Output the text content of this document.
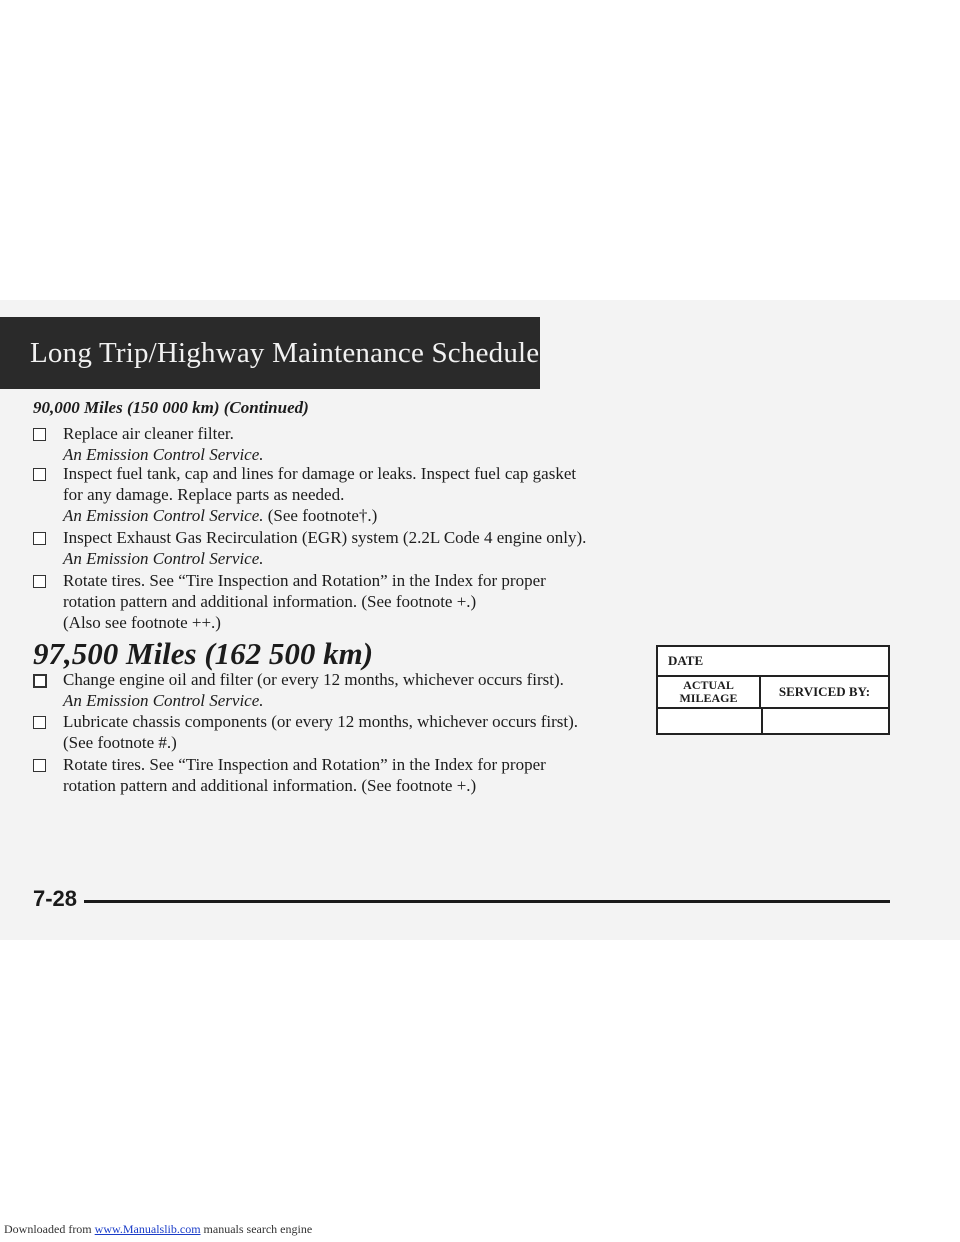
Long Trip/Highway Maintenance Schedule
90,000 Miles (150 000 km) (Continued)
Replace air cleaner filter.
An Emission Control Service.
Inspect fuel tank, cap and lines for damage or leaks. Inspect fuel cap gasket
for any damage. Replace parts as needed.
An Emission Control Service. (See footnote†.)
Inspect Exhaust Gas Recirculation (EGR) system (2.2L Code 4 engine only).
An Emission Control Service.
Rotate tires. See “Tire Inspection and Rotation” in the Index for proper
rotation pattern and additional information. (See footnote +.)
(Also see footnote ++.)
97,500 Miles (162 500 km)
Change engine oil and filter (or every 12 months, whichever occurs first).
An Emission Control Service.
Lubricate chassis components (or every 12 months, whichever occurs first).
(See footnote #.)
Rotate tires. See “Tire Inspection and Rotation” in the Index for proper
rotation pattern and additional information. (See footnote +.)
DATE
ACTUAL
MILEAGE	SERVICED BY:
7-28
Downloaded from www.Manualslib.com manuals search engine
